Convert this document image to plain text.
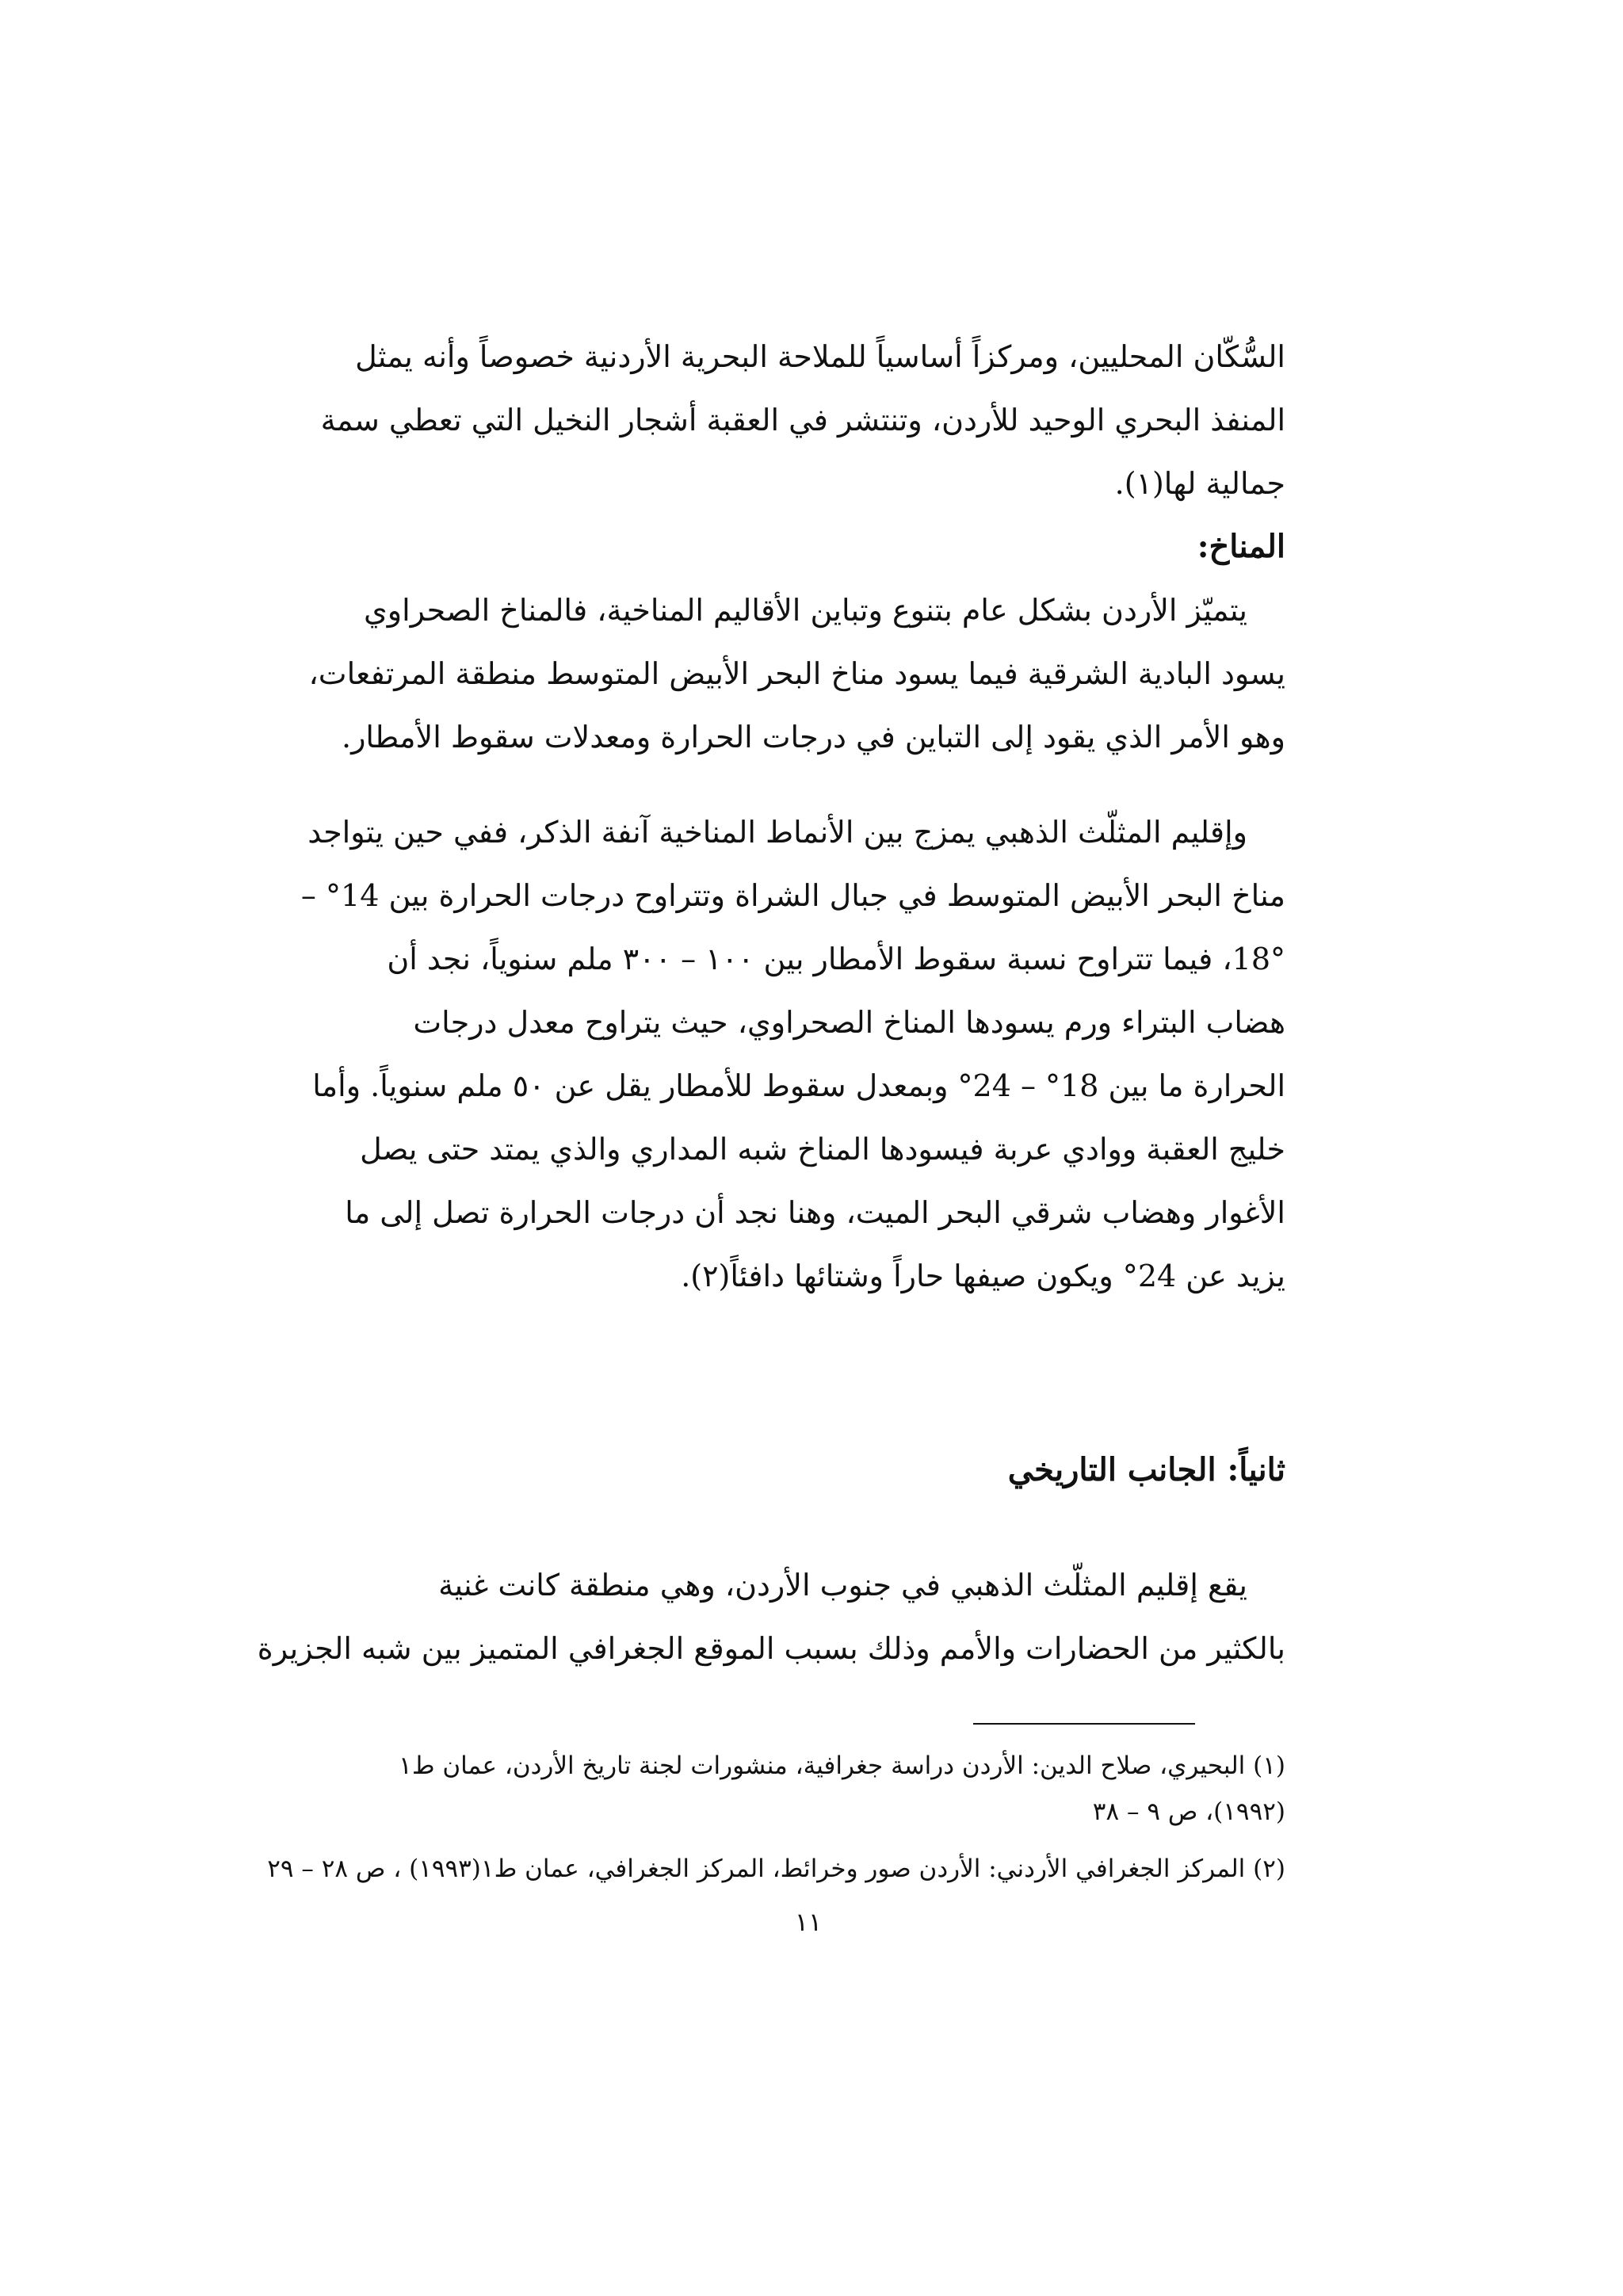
السُّكّان المحليين، ومركزاً أساسياً للملاحة البحرية الأردنية خصوصاً وأنه يمثل
المنفذ البحري الوحيد للأردن، وتنتشر في العقبة أشجار النخيل التي تعطي سمة
جمالية لها(١).
المناخ:
يتميّز الأردن بشكل عام بتنوع وتباين الأقاليم المناخية، فالمناخ الصحراوي
يسود البادية الشرقية فيما يسود مناخ البحر الأبيض المتوسط منطقة المرتفعات،
وهو الأمر الذي يقود إلى التباين في درجات الحرارة ومعدلات سقوط الأمطار.
وإقليم المثلّث الذهبي يمزج بين الأنماط المناخية آنفة الذكر، ففي حين يتواجد
مناخ البحر الأبيض المتوسط في جبال الشراة وتتراوح درجات الحرارة بين 14° –
18°، فيما تتراوح نسبة سقوط الأمطار بين ١٠٠ – ٣٠٠ ملم سنوياً، نجد أن
هضاب البتراء ورم يسودها المناخ الصحراوي، حيث يتراوح معدل درجات
الحرارة ما بين 18° – 24° وبمعدل سقوط للأمطار يقل عن ٥٠ ملم سنوياً. وأما
خليج العقبة ووادي عربة فيسودها المناخ شبه المداري والذي يمتد حتى يصل
الأغوار وهضاب شرقي البحر الميت، وهنا نجد أن درجات الحرارة تصل إلى ما
يزيد عن 24° ويكون صيفها حاراً وشتائها دافئاً(٢).
ثانياً: الجانب التاريخي
يقع إقليم المثلّث الذهبي في جنوب الأردن، وهي منطقة كانت غنية
بالكثير من الحضارات والأمم وذلك بسبب الموقع الجغرافي المتميز بين شبه الجزيرة
(١) البحيري، صلاح الدين: الأردن دراسة جغرافية، منشورات لجنة تاريخ الأردن، عمان ط١
(١٩٩٢)، ص ٩ – ٣٨
(٢) المركز الجغرافي الأردني: الأردن صور وخرائط، المركز الجغرافي، عمان ط١(١٩٩٣) ، ص ٢٨ – ٢٩
١١
